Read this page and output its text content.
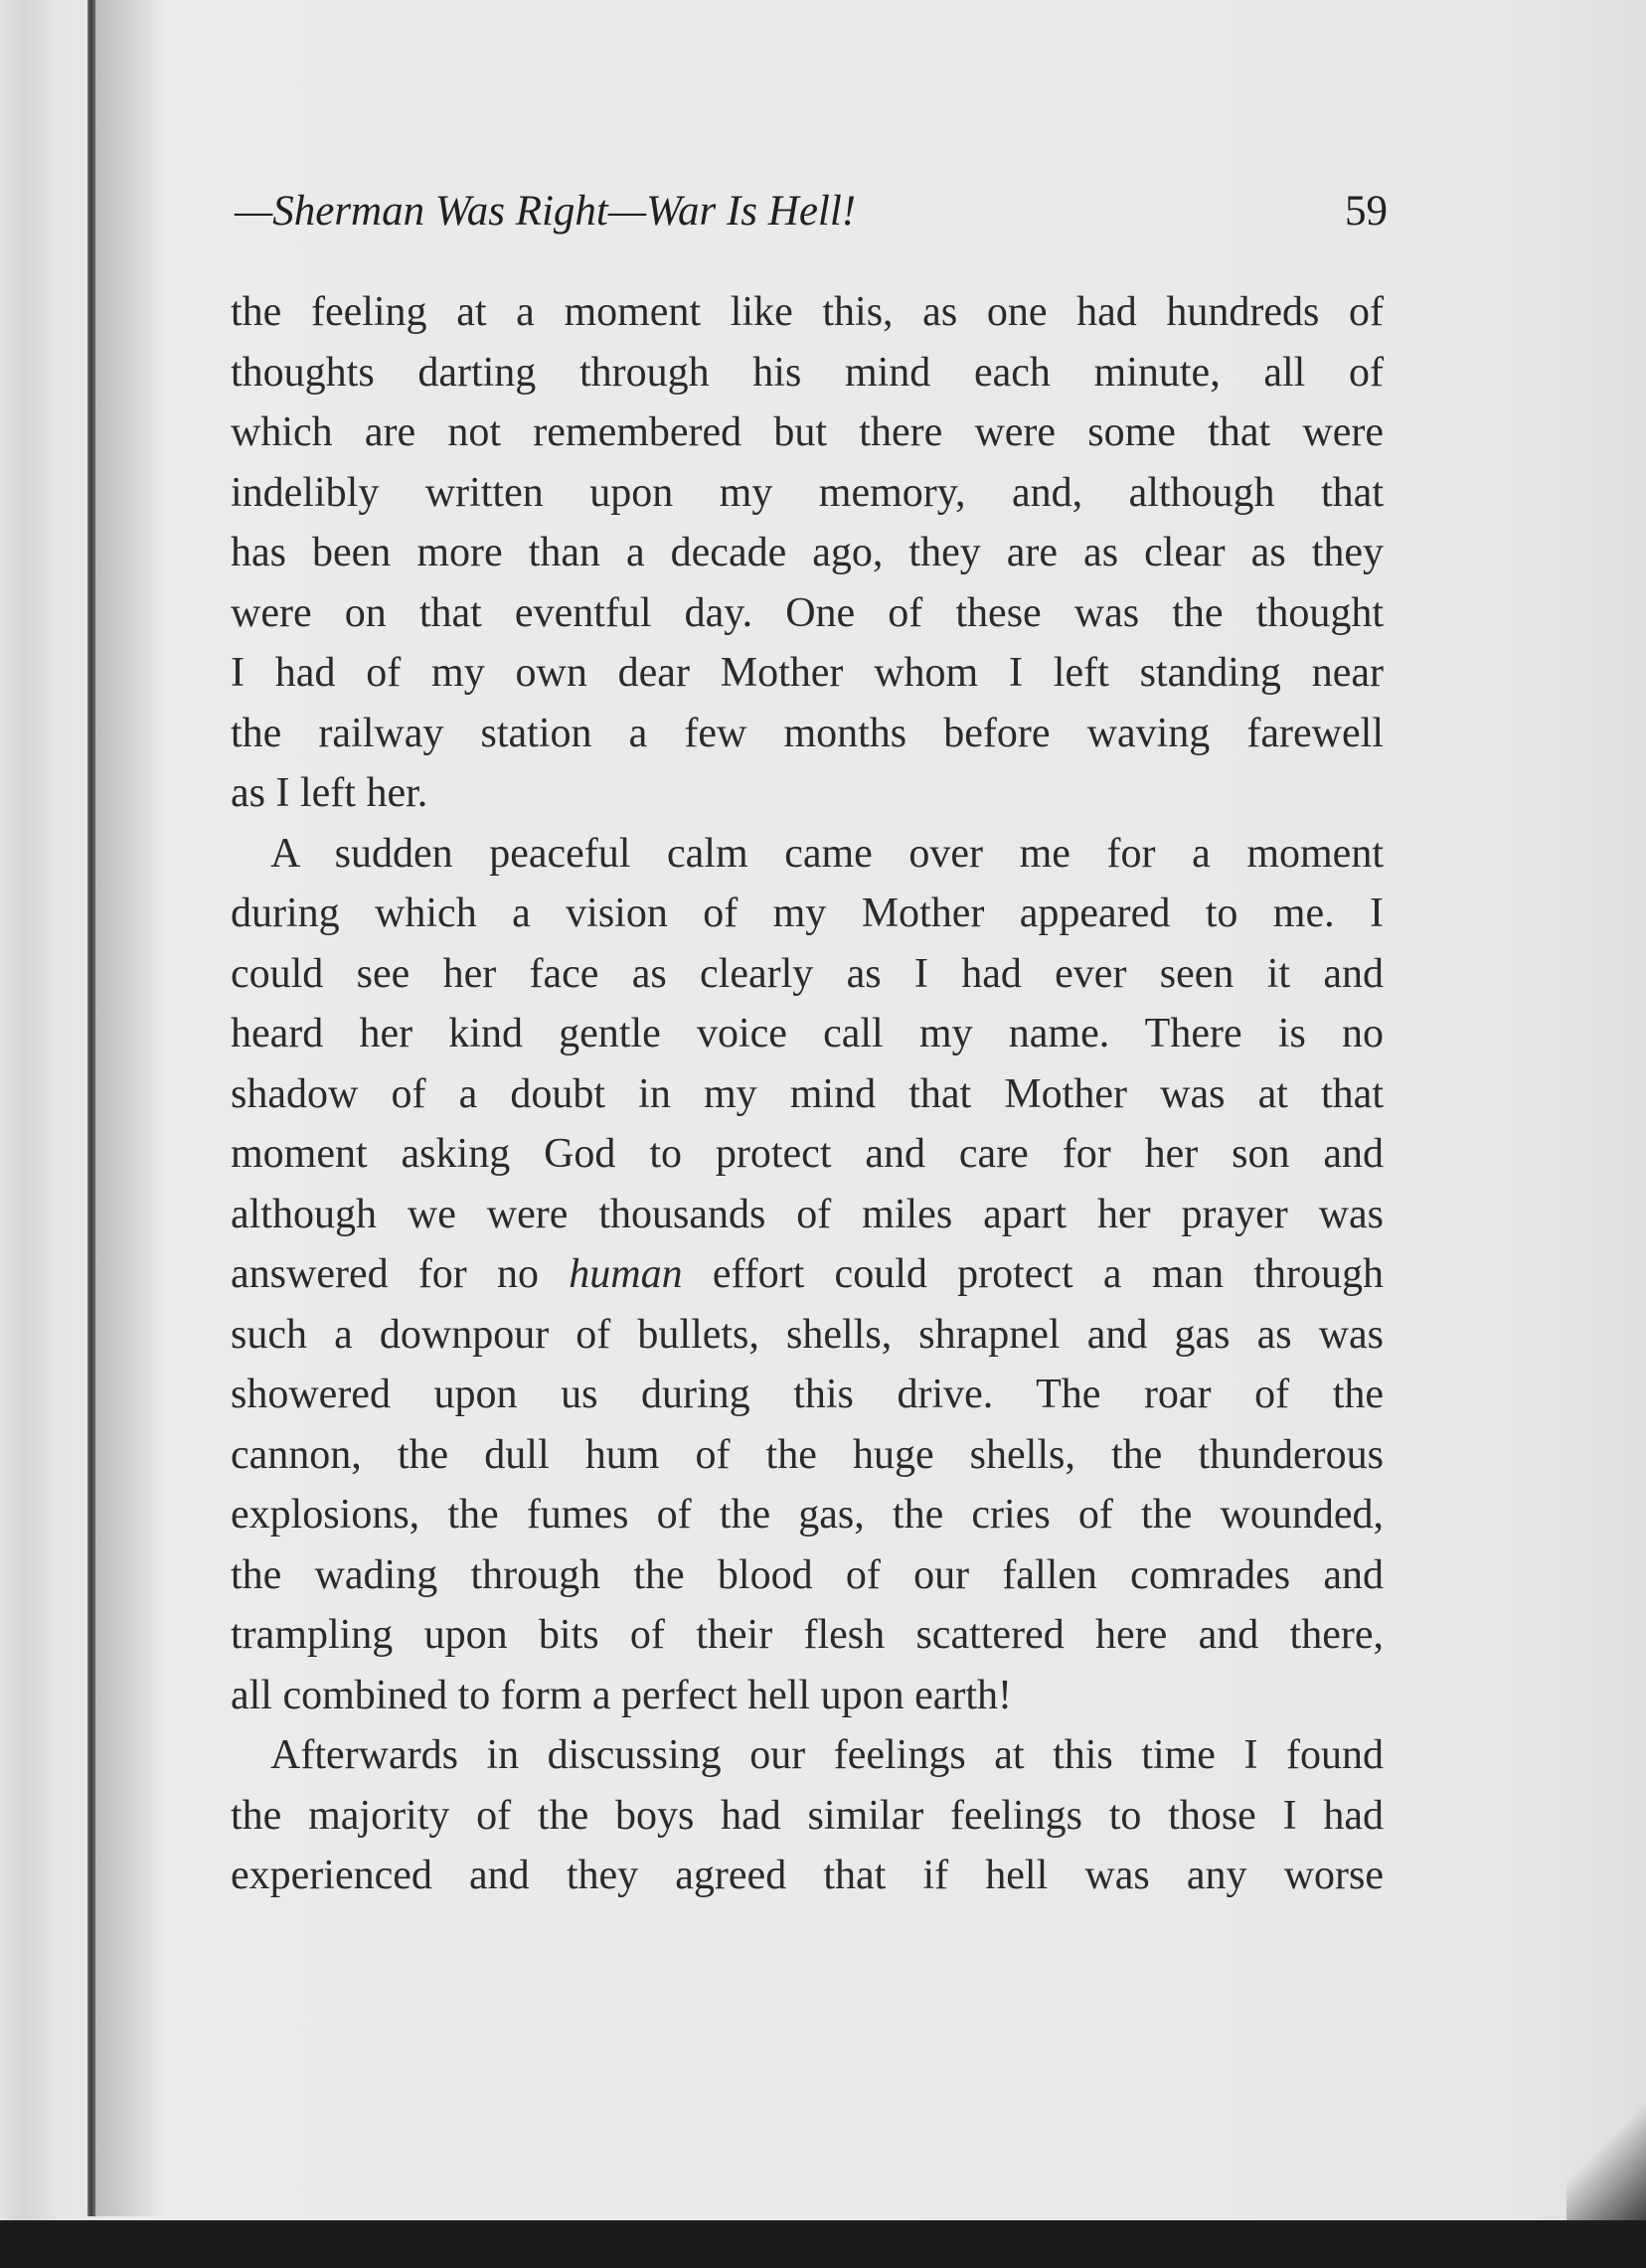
—Sherman Was Right—War Is Hell!	59
the feeling at a moment like this, as one had hundreds of
thoughts darting through his mind each minute, all of
which are not remembered but there were some that were
indelibly written upon my memory, and, although that
has been more than a decade ago, they are as clear as they
were on that eventful day. One of these was the thought
I had of my own dear Mother whom I left standing near
the railway station a few months before waving farewell
as I left her.
A sudden peaceful calm came over me for a moment
during which a vision of my Mother appeared to me. I
could see her face as clearly as I had ever seen it and
heard her kind gentle voice call my name. There is no
shadow of a doubt in my mind that Mother was at that
moment asking God to protect and care for her son and
although we were thousands of miles apart her prayer was
answered for no human effort could protect a man through
such a downpour of bullets, shells, shrapnel and gas as was
showered upon us during this drive. The roar of the
cannon, the dull hum of the huge shells, the thunderous
explosions, the fumes of the gas, the cries of the wounded,
the wading through the blood of our fallen comrades and
trampling upon bits of their flesh scattered here and there,
all combined to form a perfect hell upon earth!
Afterwards in discussing our feelings at this time I found
the majority of the boys had similar feelings to those I had
experienced and they agreed that if hell was any worse
